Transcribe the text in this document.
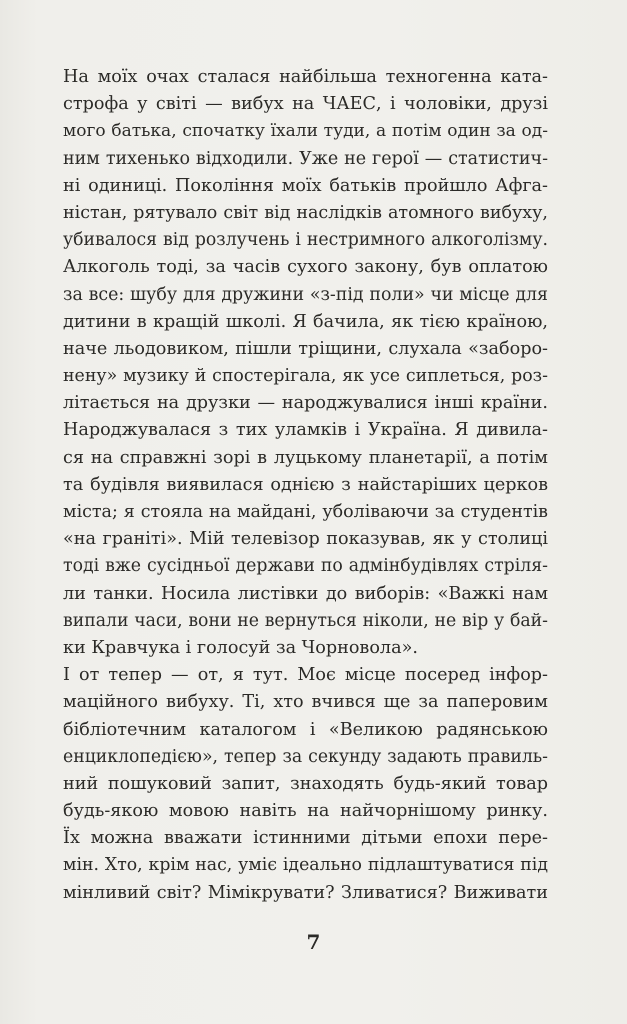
На моїх очах сталася найбільша техногенна ката-
строфа у світі — вибух на ЧАЕС, і чоловіки, друзі
мого батька, спочатку їхали туди, а потім один за од-
ним тихенько відходили. Уже не герої — статистич-
ні одиниці. Покоління моїх батьків пройшло Афга-
ністан, рятувало світ від наслідків атомного вибуху,
убивалося від розлучень і нестримного алкоголізму.
Алкоголь тоді, за часів сухого закону, був оплатою
за все: шубу для дружини «з-під поли» чи місце для
дитини в кращій школі. Я бачила, як тією країною,
наче льодовиком, пішли тріщини, слухала «заборо-
нену» музику й спостерігала, як усе сиплеться, роз-
літається на друзки — народжувалися інші країни.
Народжувалася з тих уламків і Україна. Я дивила-
ся на справжні зорі в луцькому планетарії, а потім
та будівля виявилася однією з найстаріших церков
міста; я стояла на майдані, уболіваючи за студентів
«на граніті». Мій телевізор показував, як у столиці
тоді вже сусідньої держави по адмінбудівлях стріля-
ли танки. Носила листівки до виборів: «Важкі нам
випали часи, вони не вернуться ніколи, не вір у бай-
ки Кравчука і голосуй за Чорновола».
І от тепер — от, я тут. Моє місце посеред інфор-
маційного вибуху. Ті, хто вчився ще за паперовим
бібліотечним каталогом і «Великою радянською
енциклопедією», тепер за секунду задають правиль-
ний пошуковий запит, знаходять будь-який товар
будь-якою мовою навіть на найчорнішому ринку.
Їх можна вважати істинними дітьми епохи пере-
мін. Хто, крім нас, уміє ідеально підлаштуватися під
мінливий світ? Мімікрувати? Зливатися? Виживати
7
